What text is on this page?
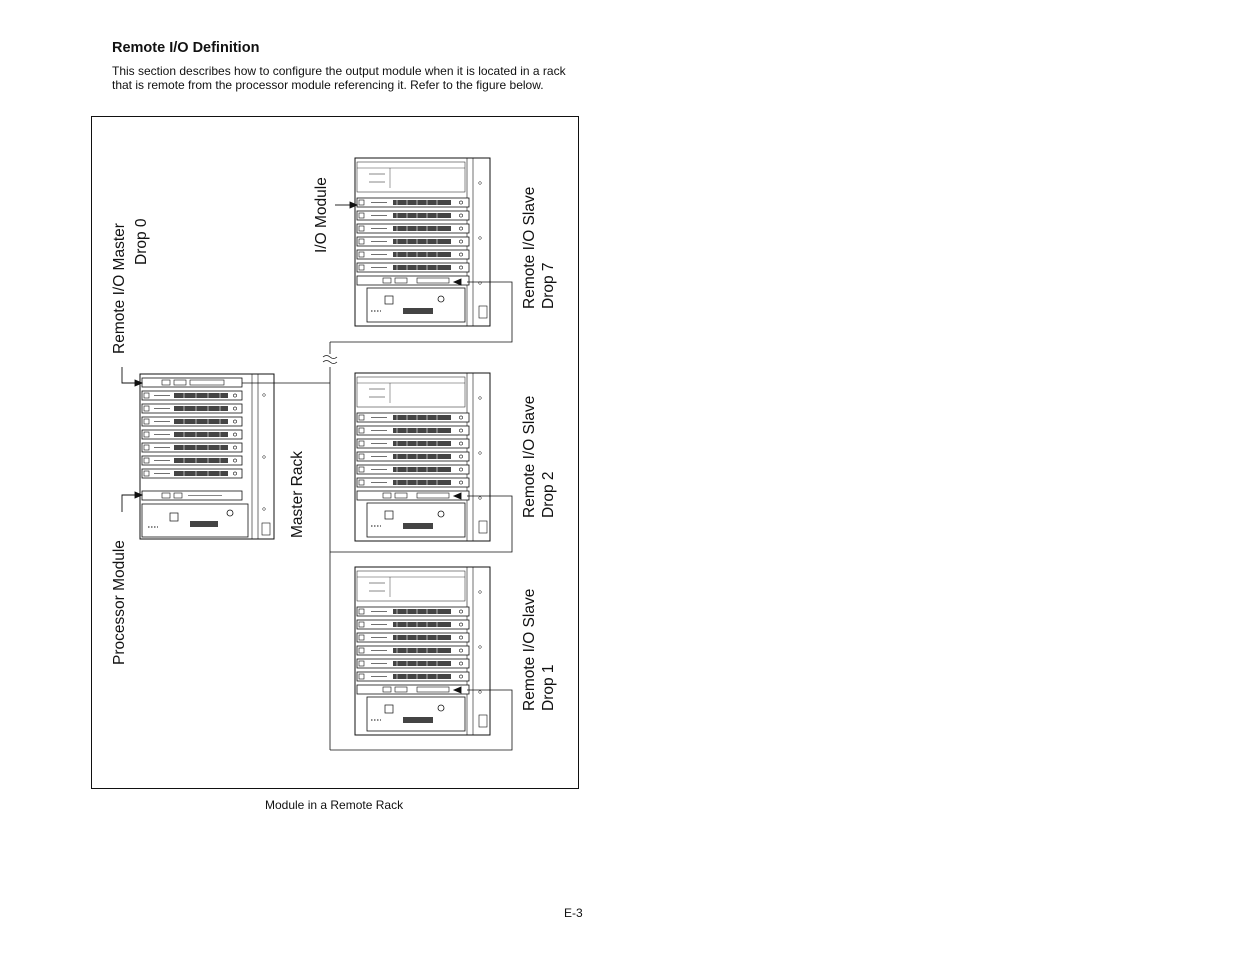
Remote I/O Definition

This section describes how to configure the output module when it is located in a rack that is remote from the processor module referencing it. Refer to the figure below.

Remote I/O Master Drop 0
Processor Module
Master Rack
I/O Module	Remote I/O Slave Drop 7
Remote I/O Slave Drop 2
Remote I/O Slave Drop 1
Module in a Remote Rack
E-3
